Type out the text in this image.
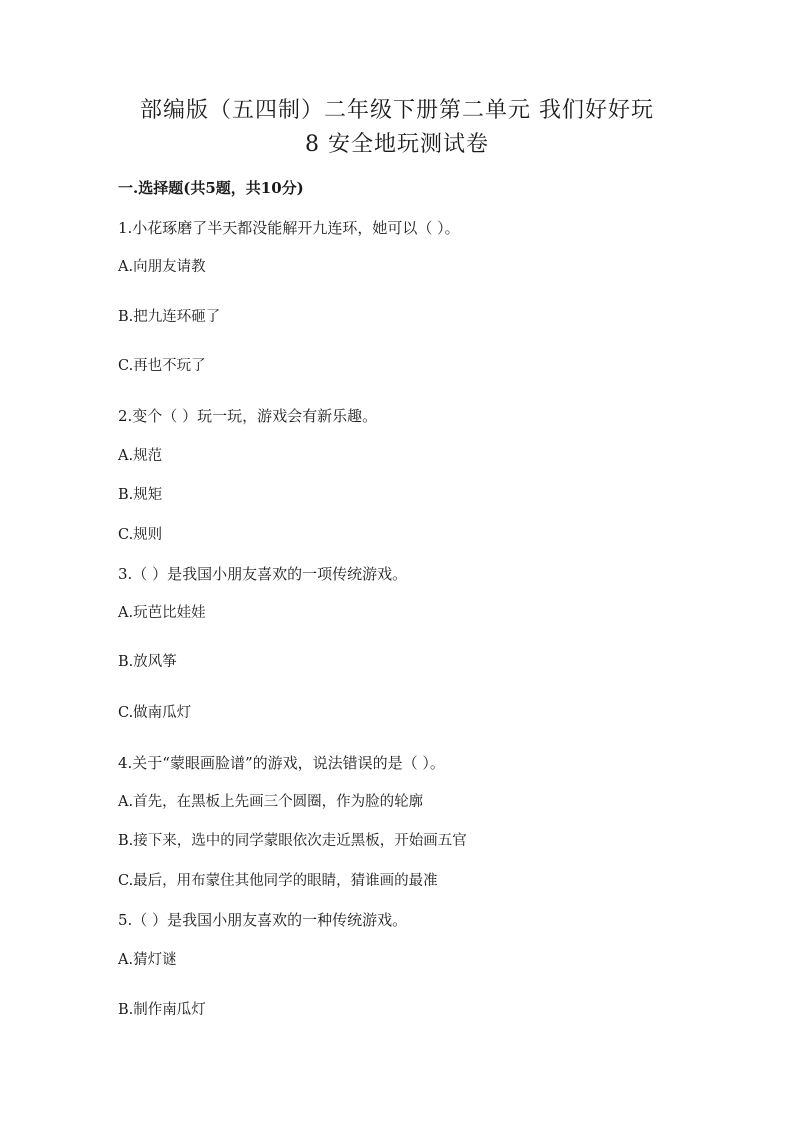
部编版（五四制）二年级下册第二单元 我们好好玩
8 安全地玩测试卷
一.选择题(共5题，共10分)
1.小花琢磨了半天都没能解开九连环，她可以（ ）。
A.向朋友请教
B.把九连环砸了
C.再也不玩了
2.变个（ ）玩一玩，游戏会有新乐趣。
A.规范
B.规矩
C.规则
3.（ ）是我国小朋友喜欢的一项传统游戏。
A.玩芭比娃娃
B.放风筝
C.做南瓜灯
4.关于“蒙眼画脸谱”的游戏，说法错误的是（ ）。
A.首先，在黑板上先画三个圆圈，作为脸的轮廓
B.接下来，选中的同学蒙眼依次走近黑板，开始画五官
C.最后，用布蒙住其他同学的眼睛，猜谁画的最准
5.（ ）是我国小朋友喜欢的一种传统游戏。
A.猜灯谜
B.制作南瓜灯
